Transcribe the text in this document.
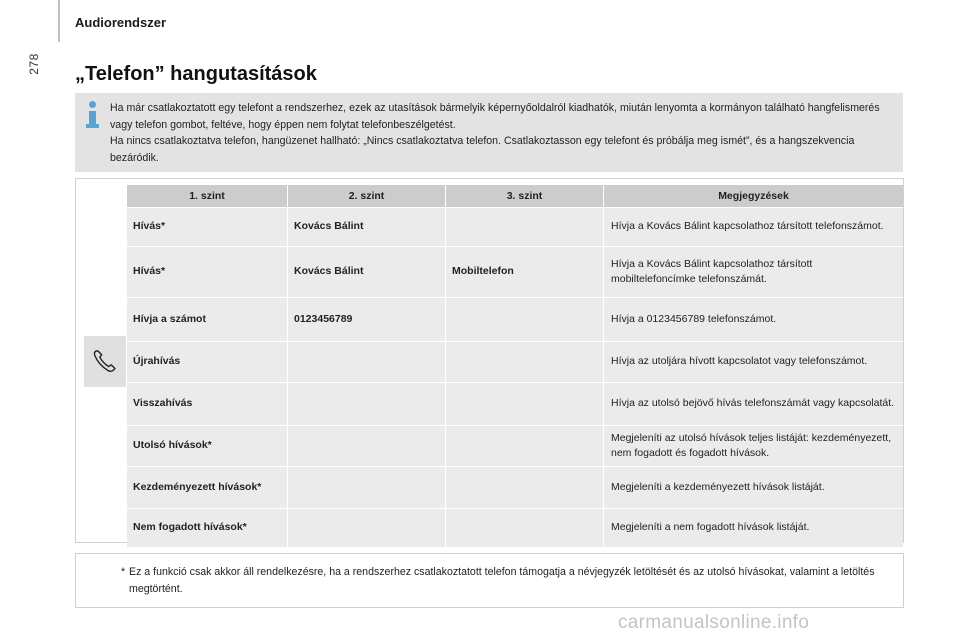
278
Audiorendszer
„Telefon” hangutasítások

Ha már csatlakoztatott egy telefont a rendszerhez, ezek az utasítások bármelyik képernyőoldalról kiadhatók, miután lenyomta a kormányon található hangfelismerés vagy telefon gombot, feltéve, hogy éppen nem folytat telefonbeszélgetést.

Ha nincs csatlakoztatva telefon, hangüzenet hallható: „Nincs csatlakoztatva telefon. Csatlakoztasson egy telefont és próbálja meg ismét”, és a hangszekvencia bezáródik.

1. szint	2. szint	3. szint	Megjegyzések
Hívás*	Kovács Bálint		Hívja a Kovács Bálint kapcsolathoz társított telefonszámot.
Hívás*	Kovács Bálint	Mobiltelefon	Hívja a Kovács Bálint kapcsolathoz társított mobiltelefoncímke telefonszámát.
Hívja a számot	0123456789		Hívja a 0123456789 telefonszámot.
Újrahívás			Hívja az utoljára hívott kapcsolatot vagy telefonszámot.
Visszahívás			Hívja az utolsó bejövő hívás telefonszámát vagy kapcsolatát.
Utolsó hívások*			Megjeleníti az utolsó hívások teljes listáját: kezdeményezett, nem fogadott és fogadott hívások.
Kezdeményezett hívások*			Megjeleníti a kezdeményezett hívások listáját.
Nem fogadott hívások*			Megjeleníti a nem fogadott hívások listáját.

* Ez a funkció csak akkor áll rendelkezésre, ha a rendszerhez csatlakoztatott telefon támogatja a névjegyzék letöltését és az utolsó hívásokat, valamint a letöltés megtörtént.

carmanualsonline.info
